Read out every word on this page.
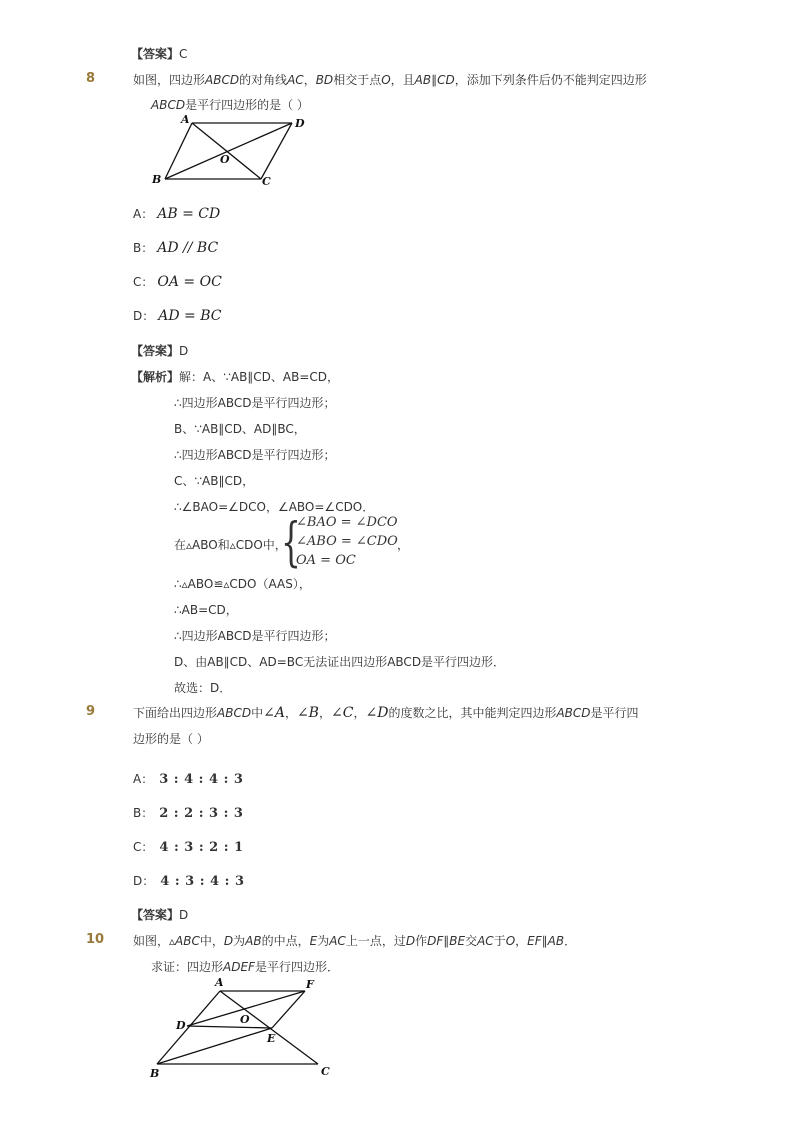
【答案】C
8	如图，四边形ABCD的对角线AC，BD相交于点O，且AB∥CD，添加下列条件后仍不能判定四边形
ABCD是平行四边形的是（ ）
A	D
B	C
O
A： AB = CD
B： AD // BC
C： OA = OC
D： AD = BC
【答案】D
【解析】解：A、∵AB∥CD、AB=CD，
∴四边形ABCD是平行四边形；
B、∵AB∥CD、AD∥BC，
∴四边形ABCD是平行四边形；
C、∵AB∥CD，
∴∠BAO=∠DCO，∠ABO=∠CDO．
在▵ABO和▵CDO中，
{
∠BAO = ∠DCO
∠ABO = ∠CDO ，
OA = OC
∴▵ABO≌▵CDO（AAS），
∴AB=CD，
∴四边形ABCD是平行四边形；
D、由AB∥CD、AD=BC无法证出四边形ABCD是平行四边形．
故选：D．
9	下面给出四边形ABCD中∠A，∠B，∠C，∠D的度数之比，其中能判定四边形ABCD是平行四
边形的是（ ）
A： 3 : 4 : 4 : 3
B： 2 : 2 : 3 : 3
C： 4 : 3 : 2 : 1
D： 4 : 3 : 4 : 3
【答案】D
10 如图，▵ABC中，D为AB的中点，E为AC上一点，过D作DF∥BE交AC于O，EF∥AB．
求证：四边形ADEF是平行四边形．
A	F
D	O
E
B	C
